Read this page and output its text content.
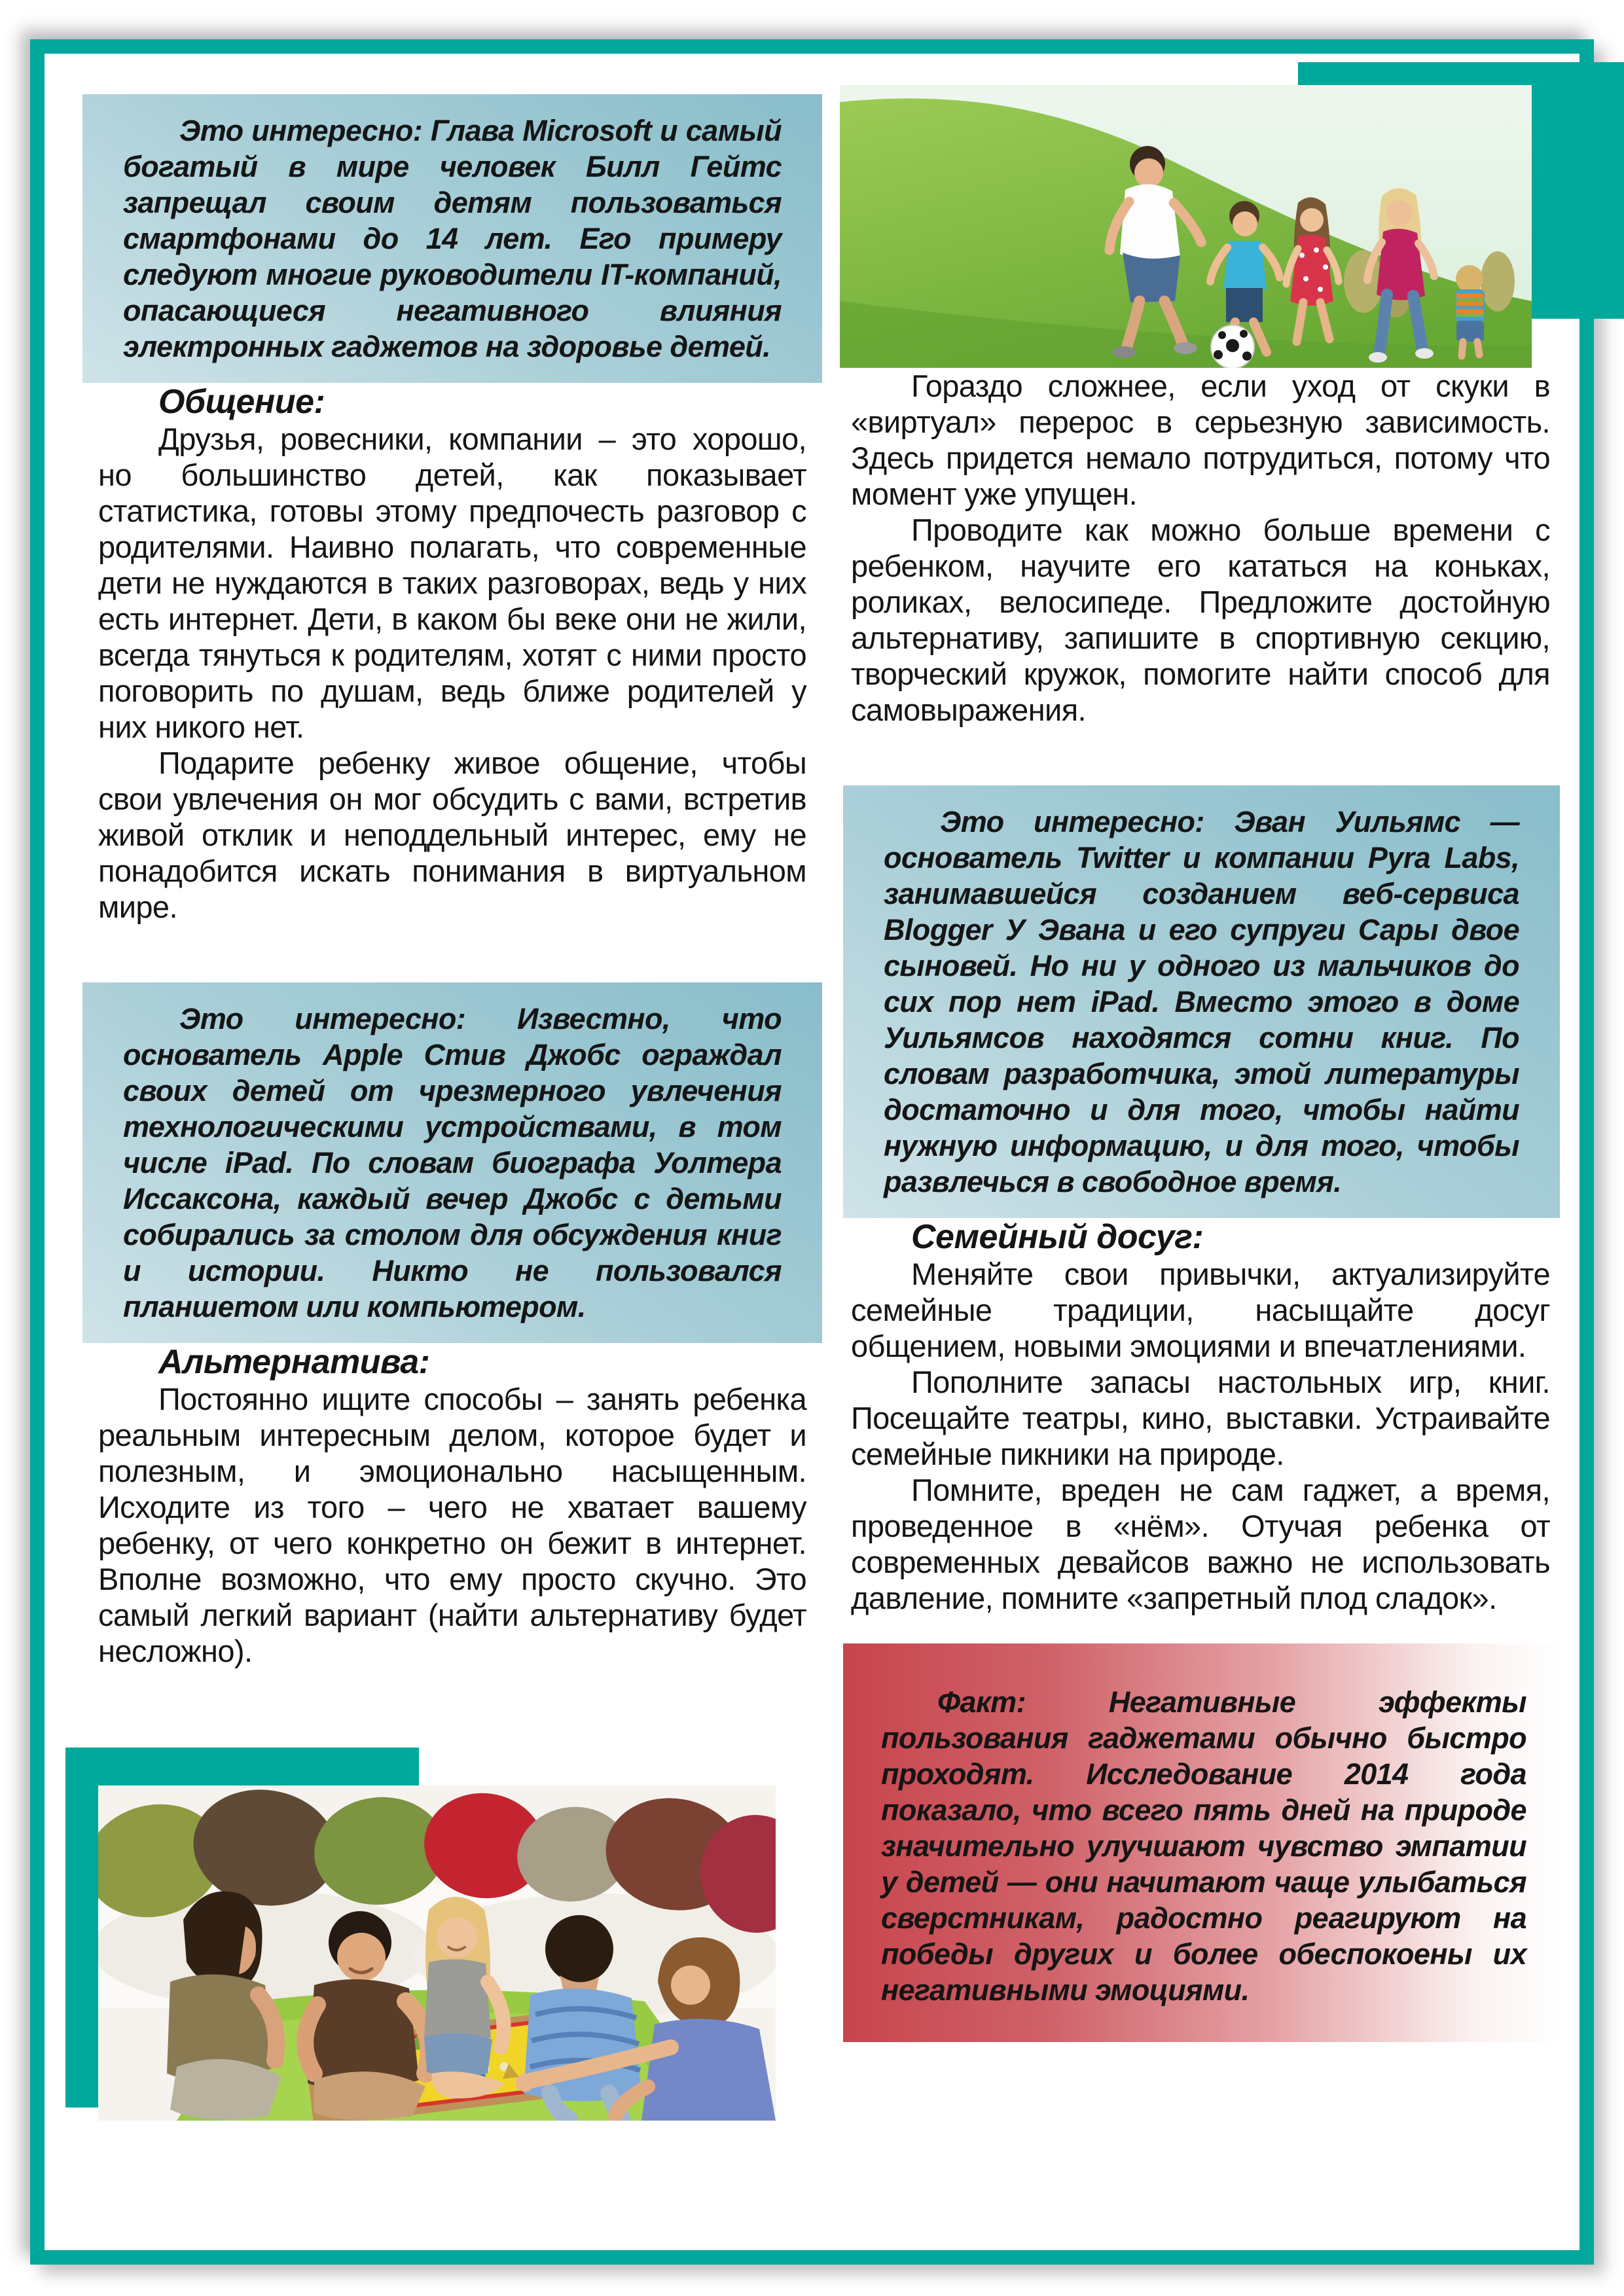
Это интересно: Глава Microsoft и самый богатый в мире человек Билл Гейтс запрещал своим детям пользоваться смартфонами до 14 лет. Его примеру следуют многие руководители IT-компаний, опасающиеся негативного влияния электронных гаджетов на здоровье детей.

Общение:

Друзья, ровесники, компании – это хорошо, но большинство детей, как показывает статистика, готовы этому предпочесть разговор с родителями. Наивно полагать, что современные дети не нуждаются в таких разговорах, ведь у них есть интернет. Дети, в каком бы веке они не жили, всегда тянуться к родителям, хотят с ними просто поговорить по душам, ведь ближе родителей у них никого нет.

Подарите ребенку живое общение, чтобы свои увлечения он мог обсудить с вами, встретив живой отклик и неподдельный интерес, ему не понадобится искать понимания в виртуальном мире.

Это интересно: Известно, что основатель Apple Стив Джобс ограждал своих детей от чрезмерного увлечения технологическими устройствами, в том числе iPad. По словам биографа Уолтера Иссаксона, каждый вечер Джобс с детьми собирались за столом для обсуждения книг и истории. Никто не пользовался планшетом или компьютером.

Альтернатива:

Постоянно ищите способы – занять ребенка реальным интересным делом, которое будет и полезным, и эмоционально насыщенным. Исходите из того – чего не хватает вашему ребенку, от чего конкретно он бежит в интернет. Вполне возможно, что ему просто скучно. Это самый легкий вариант (найти альтернативу будет несложно).

Гораздо сложнее, если уход от скуки в «виртуал» перерос в серьезную зависимость. Здесь придется немало потрудиться, потому что момент уже упущен.

Проводите как можно больше времени с ребенком, научите его кататься на коньках, роликах, велосипеде. Предложите достойную альтернативу, запишите в спортивную секцию, творческий кружок, помогите найти способ для самовыражения.

Это интересно: Эван Уильямс — основатель Twitter и компании Pyra Labs, занимавшейся созданием веб-сервиса Blogger У Эвана и его супруги Сары двое сыновей. Но ни у одного из мальчиков до сих пор нет iPad. Вместо этого в доме Уильямсов находятся сотни книг. По словам разработчика, этой литературы достаточно и для того, чтобы найти нужную информацию, и для того, чтобы развлечься в свободное время.

Семейный досуг:

Меняйте свои привычки, актуализируйте семейные традиции, насыщайте досуг общением, новыми эмоциями и впечатлениями.

Пополните запасы настольных игр, книг. Посещайте театры, кино, выставки. Устраивайте семейные пикники на природе.

Помните, вреден не сам гаджет, а время, проведенное в «нём». Отучая ребенка от современных девайсов важно не использовать давление, помните «запретный плод сладок».

Факт: Негативные эффекты пользования гаджетами обычно быстро проходят. Исследование 2014 года показало, что всего пять дней на природе значительно улучшают чувство эмпатии у детей — они начитают чаще улыбаться сверстникам, радостно реагируют на победы других и более обеспокоены их негативными эмоциями.
